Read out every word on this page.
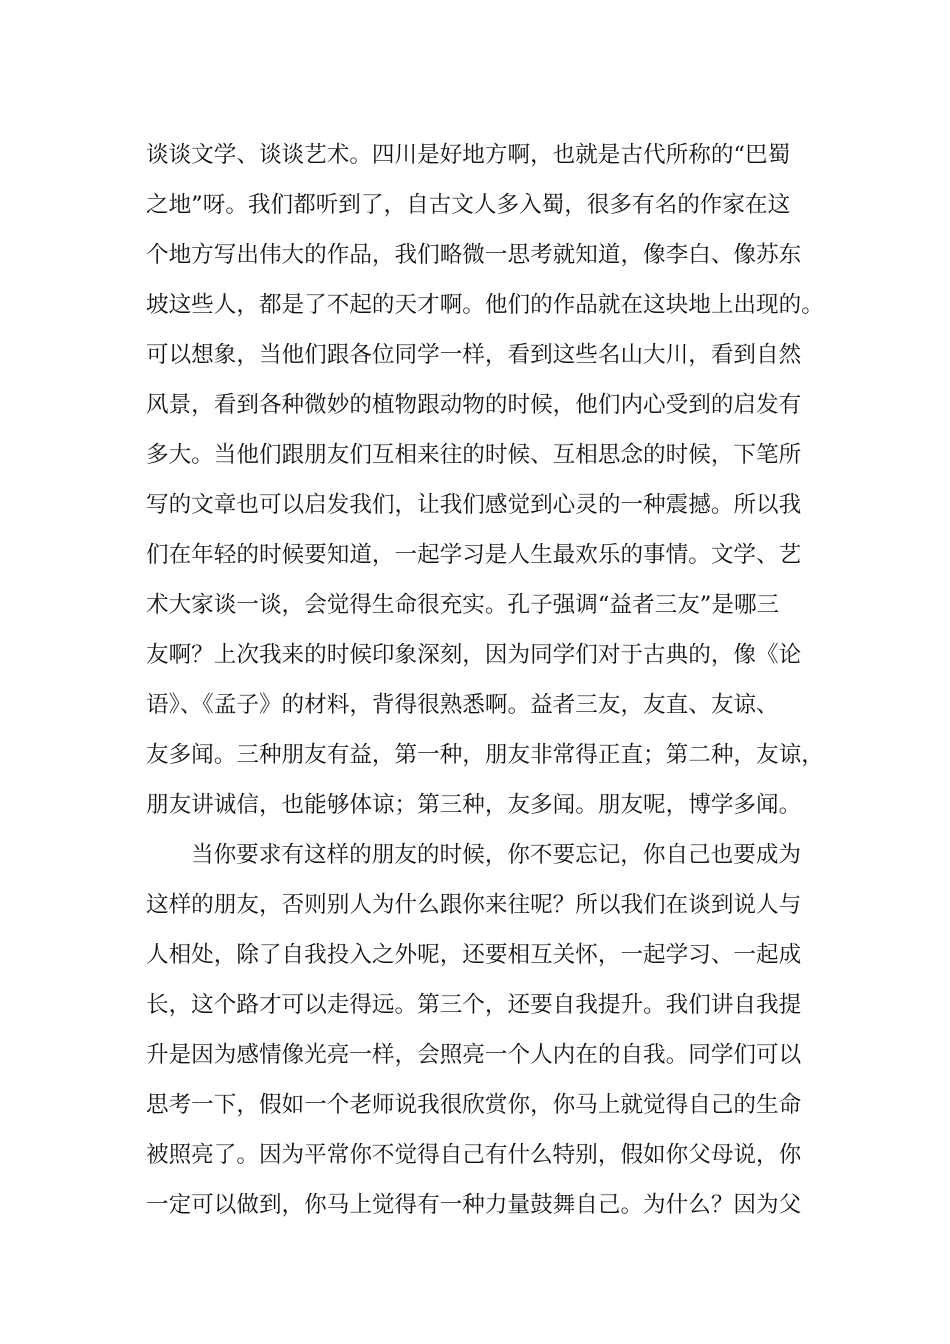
谈谈文学、谈谈艺术。四川是好地方啊，也就是古代所称的“巴蜀
之地”呀。我们都听到了，自古文人多入蜀，很多有名的作家在这
个地方写出伟大的作品，我们略微一思考就知道，像李白、像苏东
坡这些人，都是了不起的天才啊。他们的作品就在这块地上出现的。
可以想象，当他们跟各位同学一样，看到这些名山大川，看到自然
风景，看到各种微妙的植物跟动物的时候，他们内心受到的启发有
多大。当他们跟朋友们互相来往的时候、互相思念的时候，下笔所
写的文章也可以启发我们，让我们感觉到心灵的一种震撼。所以我
们在年轻的时候要知道，一起学习是人生最欢乐的事情。文学、艺
术大家谈一谈，会觉得生命很充实。孔子强调“益者三友”是哪三
友啊？上次我来的时候印象深刻，因为同学们对于古典的，像《论
语》、《孟子》的材料，背得很熟悉啊。益者三友，友直、友谅、
友多闻。三种朋友有益，第一种，朋友非常得正直；第二种，友谅，
朋友讲诚信，也能够体谅；第三种，友多闻。朋友呢，博学多闻。
当你要求有这样的朋友的时候，你不要忘记，你自己也要成为
这样的朋友，否则别人为什么跟你来往呢？所以我们在谈到说人与
人相处，除了自我投入之外呢，还要相互关怀，一起学习、一起成
长，这个路才可以走得远。第三个，还要自我提升。我们讲自我提
升是因为感情像光亮一样，会照亮一个人内在的自我。同学们可以
思考一下，假如一个老师说我很欣赏你，你马上就觉得自己的生命
被照亮了。因为平常你不觉得自己有什么特别，假如你父母说，你
一定可以做到，你马上觉得有一种力量鼓舞自己。为什么？因为父
